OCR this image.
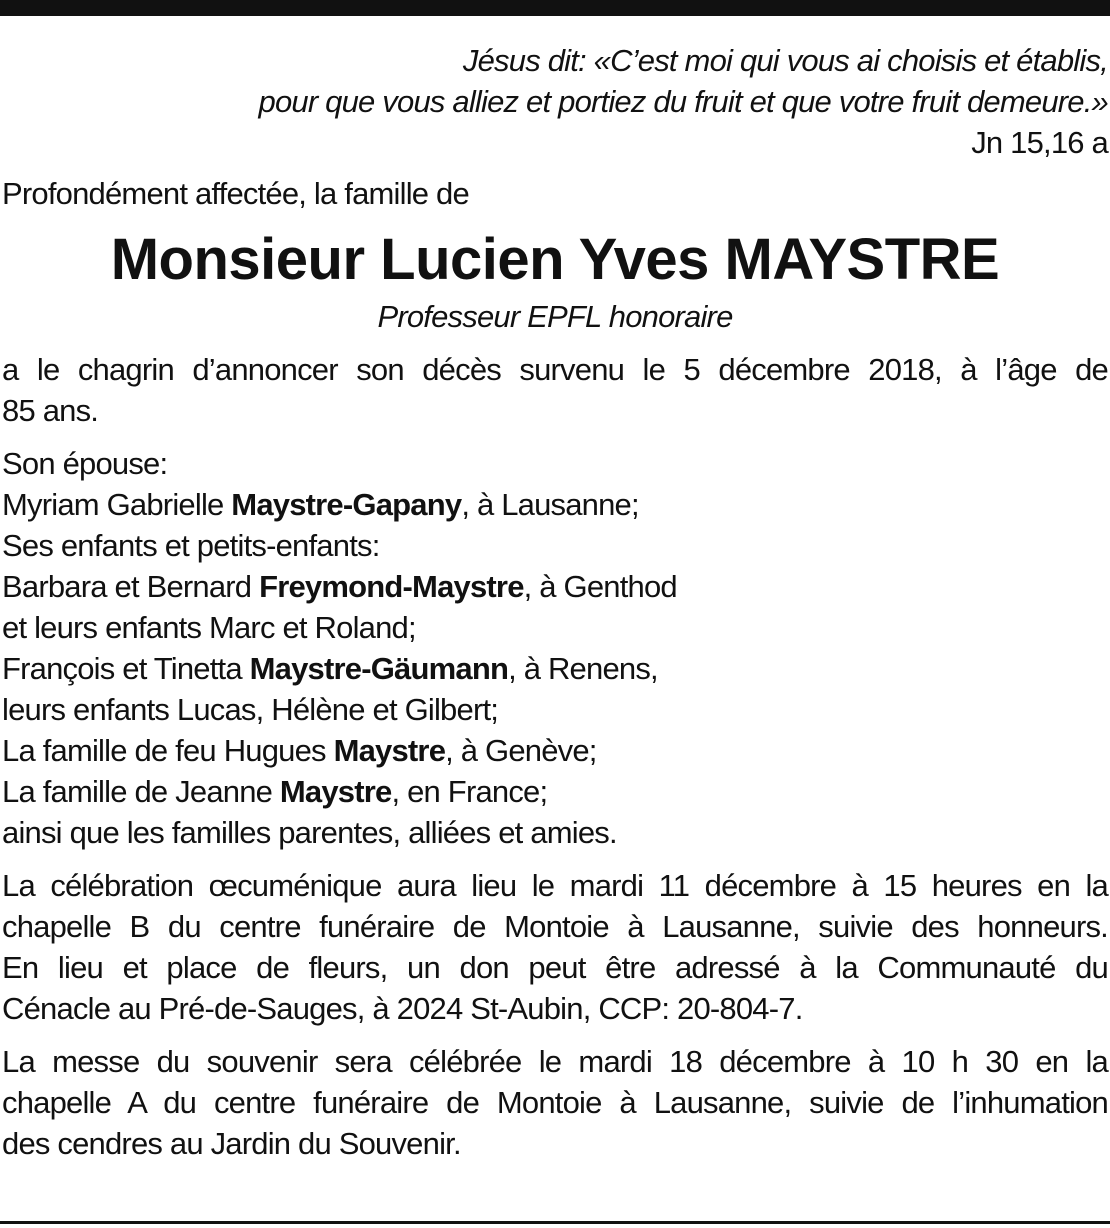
Jésus dit: «C’est moi qui vous ai choisis et établis,
pour que vous alliez et portiez du fruit et que votre fruit demeure.»
Jn 15,16 a
Profondément affectée, la famille de
Monsieur Lucien Yves MAYSTRE
Professeur EPFL honoraire
a le chagrin d’annoncer son décès survenu le 5 décembre 2018, à l’âge de
85 ans.
Son épouse:
Myriam Gabrielle Maystre-Gapany, à Lausanne;
Ses enfants et petits-enfants:
Barbara et Bernard Freymond-Maystre, à Genthod
et leurs enfants Marc et Roland;
François et Tinetta Maystre-Gäumann, à Renens,
leurs enfants Lucas, Hélène et Gilbert;
La famille de feu Hugues Maystre, à Genève;
La famille de Jeanne Maystre, en France;
ainsi que les familles parentes, alliées et amies.
La célébration œcuménique aura lieu le mardi 11 décembre à 15 heures en la
chapelle B du centre funéraire de Montoie à Lausanne, suivie des honneurs.
En lieu et place de fleurs, un don peut être adressé à la Communauté du
Cénacle au Pré-de-Sauges, à 2024 St-Aubin, CCP: 20-804-7.
La messe du souvenir sera célébrée le mardi 18 décembre à 10 h 30 en la
chapelle A du centre funéraire de Montoie à Lausanne, suivie de l’inhumation
des cendres au Jardin du Souvenir.
